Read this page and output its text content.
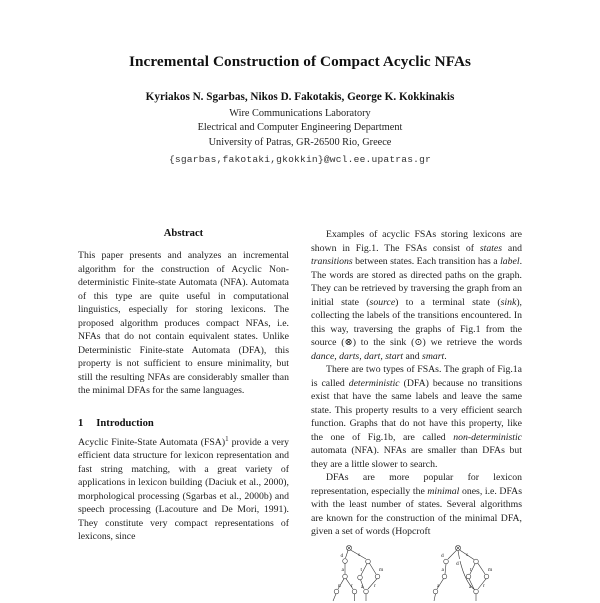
Incremental Construction of Compact Acyclic NFAs
Kyriakos N. Sgarbas, Nikos D. Fakotakis, George K. Kokkinakis
Wire Communications Laboratory
Electrical and Computer Engineering Department
University of Patras, GR-26500 Rio, Greece
{sgarbas,fakotaki,gkokkin}@wcl.ee.upatras.gr
Abstract

This paper presents and analyzes an incremental algorithm for the construction of Acyclic Non-deterministic Finite-state Automata (NFA). Automata of this type are quite useful in computational linguistics, especially for storing lexicons. The proposed algorithm produces compact NFAs, i.e. NFAs that do not contain equivalent states. Unlike Deterministic Finite-state Automata (DFA), this property is not sufficient to ensure minimality, but still the resulting NFAs are considerably smaller than the minimal DFAs for the same languages.

1 Introduction

Acyclic Finite-State Automata (FSA)$^1$ provide a very efficient data structure for lexicon representation and fast string matching, with a great variety of applications in lexicon building (Daciuk et al., 2000), morphological processing (Sgarbas et al., 2000b) and speech processing (Lacouture and De Mori, 1991). They constitute very compact representations of lexicons, since

Examples of acyclic FSAs storing lexicons are shown in Fig.1. The FSAs consist of states and transitions between states. Each transition has a label. The words are stored as directed paths on the graph. They can be retrieved by traversing the graph from an initial state (source) to a terminal state (sink), collecting the labels of the transitions encountered. In this way, traversing the graphs of Fig.1 from the source (⊗) to the sink (⊙) we retrieve the words dance, darts, dart, start and smart.

There are two types of FSAs. The graph of Fig.1a is called deterministic (DFA) because no transitions exist that have the same labels and leave the same state. This property results to a very efficient search function. Graphs that do not have this property, like the one of Fig.1b, are called non-deterministic automata (NFA). NFAs are smaller than DFAs but they are a little slower to search.

DFAs are more popular for lexicon representation, especially the minimal ones, i.e. DFAs with the least number of states. Several algorithms are known for the construction of the minimal DFA, given a set of words (Hopcroft

d	s
a	t	m
n r a r
d	s
d
a	t	m
a	a r
